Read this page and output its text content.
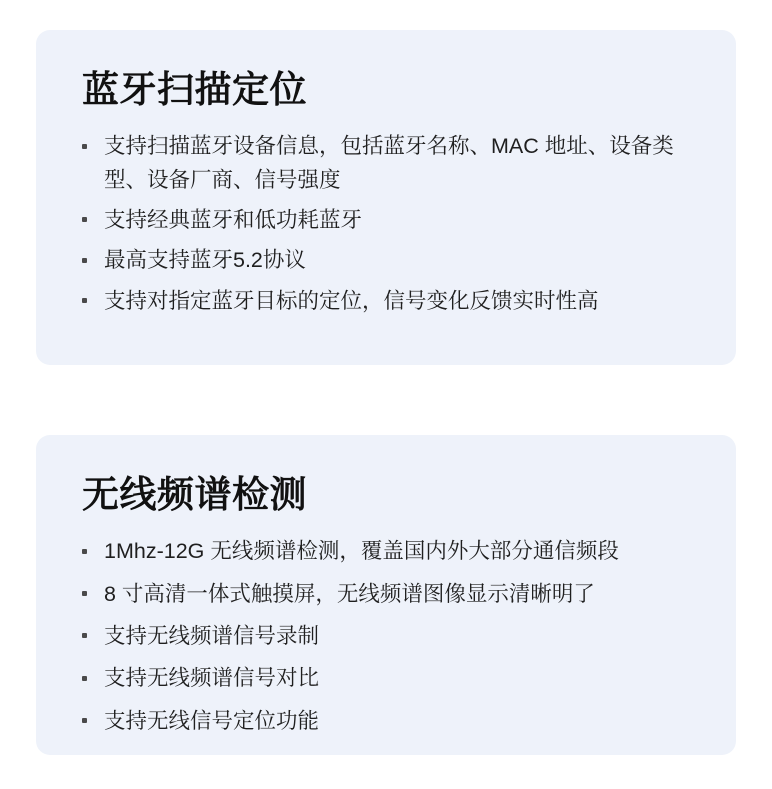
蓝牙扫描定位
支持扫描蓝牙设备信息，包括蓝牙名称、MAC 地址、设备类型、设备厂商、信号强度
支持经典蓝牙和低功耗蓝牙
最高支持蓝牙5.2协议
支持对指定蓝牙目标的定位，信号变化反馈实时性高
无线频谱检测
1Mhz-12G 无线频谱检测，覆盖国内外大部分通信频段
8 寸高清一体式触摸屏，无线频谱图像显示清晰明了
支持无线频谱信号录制
支持无线频谱信号对比
支持无线信号定位功能
